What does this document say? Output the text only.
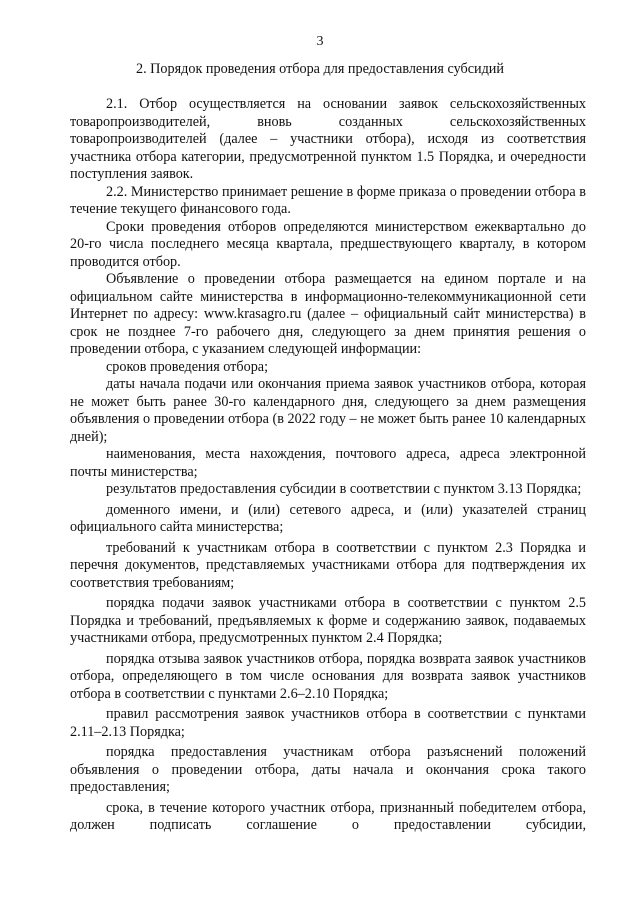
3
2. Порядок проведения отбора для предоставления субсидий

2.1. Отбор осуществляется на основании заявок сельскохозяйственных товаропроизводителей, вновь созданных сельскохозяйственных товаропроизводителей (далее – участники отбора), исходя из соответствия участника отбора категории, предусмотренной пунктом 1.5 Порядка, и очередности поступления заявок.

2.2. Министерство принимает решение в форме приказа о проведении отбора в течение текущего финансового года.

Сроки проведения отборов определяются министерством ежеквартально до 20-го числа последнего месяца квартала, предшествующего кварталу, в котором проводится отбор.

Объявление о проведении отбора размещается на едином портале и на официальном сайте министерства в информационно-телекоммуникационной сети Интернет по адресу: www.krasagro.ru (далее – официальный сайт министерства) в срок не позднее 7-го рабочего дня, следующего за днем принятия решения о проведении отбора, с указанием следующей информации:

сроков проведения отбора;

даты начала подачи или окончания приема заявок участников отбора, которая не может быть ранее 30-го календарного дня, следующего за днем размещения объявления о проведении отбора (в 2022 году – не может быть ранее 10 календарных дней);

наименования, места нахождения, почтового адреса, адреса электронной почты министерства;

результатов предоставления субсидии в соответствии с пунктом 3.13 Порядка;

доменного имени, и (или) сетевого адреса, и (или) указателей страниц официального сайта министерства;

требований к участникам отбора в соответствии с пунктом 2.3 Порядка и перечня документов, представляемых участниками отбора для подтверждения их соответствия требованиям;

порядка подачи заявок участниками отбора в соответствии с пунктом 2.5 Порядка и требований, предъявляемых к форме и содержанию заявок, подаваемых участниками отбора, предусмотренных пунктом 2.4 Порядка;

порядка отзыва заявок участников отбора, порядка возврата заявок участников отбора, определяющего в том числе основания для возврата заявок участников отбора в соответствии с пунктами 2.6–2.10 Порядка;

правил рассмотрения заявок участников отбора в соответствии с пунктами 2.11–2.13 Порядка;

порядка предоставления участникам отбора разъяснений положений объявления о проведении отбора, даты начала и окончания срока такого предоставления;

срока, в течение которого участник отбора, признанный победителем отбора, должен подписать соглашение о предоставлении субсидии,
